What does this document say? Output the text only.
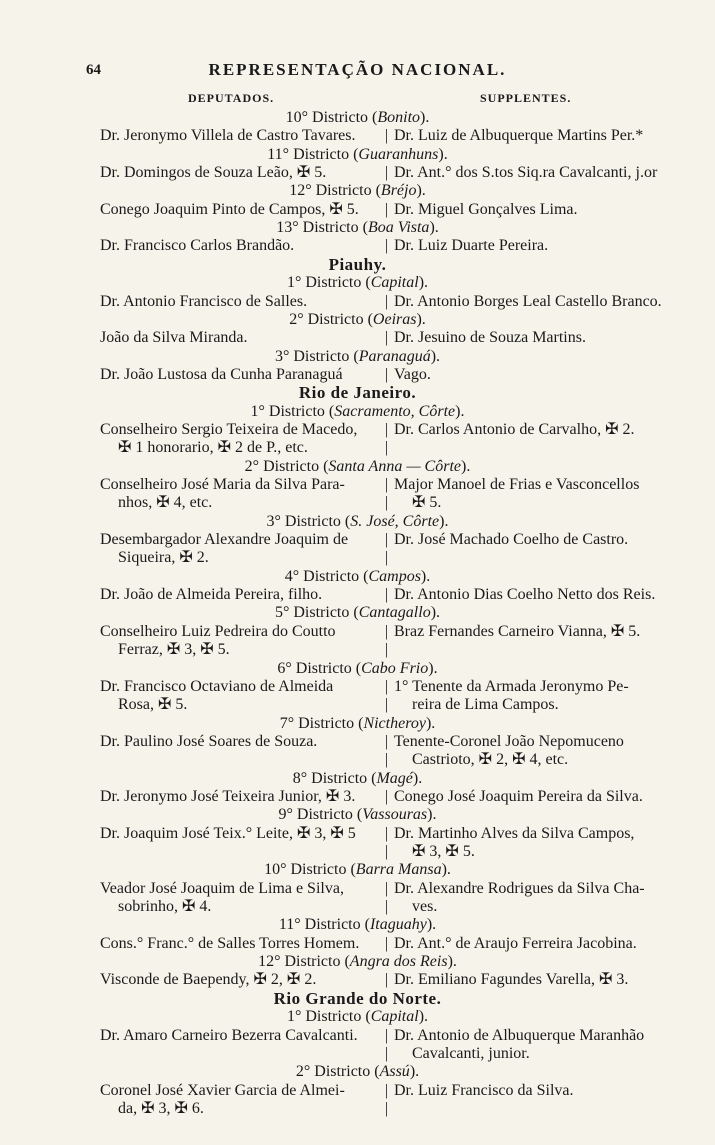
64	REPRESENTAÇÃO NACIONAL.
DEPUTADOS.	SUPPLENTES.
10° Districto (Bonito).
Dr. Jeronymo Villela de Castro Tavares. | Dr. Luiz de Albuquerque Martins Per.*
11° Districto (Guaranhuns).
Dr. Domingos de Souza Leão, ✠ 5.	| Dr. Ant.° dos S.tos Siq.ra Cavalcanti, j.or
12° Districto (Bréjo).
Conego Joaquim Pinto de Campos, ✠ 5. | Dr. Miguel Gonçalves Lima.
13° Districto (Boa Vista).
Dr. Francisco Carlos Brandão.	| Dr. Luiz Duarte Pereira.
Piauhy.
1° Districto (Capital).
Dr. Antonio Francisco de Salles.	| Dr. Antonio Borges Leal Castello Branco.
2° Districto (Oeiras).
João da Silva Miranda.	| Dr. Jesuino de Souza Martins.
3° Districto (Paranaguá).
Dr. João Lustosa da Cunha Paranaguá	| Vago.
Rio de Janeiro.
1° Districto (Sacramento, Côrte).
Conselheiro Sergio Teixeira de Macedo, | Dr. Carlos Antonio de Carvalho, ✠ 2.
✠ 1 honorario, ✠ 2 de P., etc.	|
2° Districto (Santa Anna — Côrte).
Conselheiro José Maria da Silva Para-	| Major Manoel de Frias e Vasconcellos
nhos, ✠ 4, etc.	| ✠ 5.
3° Districto (S. José, Côrte).
Desembargador Alexandre Joaquim de | Dr. José Machado Coelho de Castro.
Siqueira, ✠ 2.	|
4° Districto (Campos).
Dr. João de Almeida Pereira, filho.	| Dr. Antonio Dias Coelho Netto dos Reis.
5° Districto (Cantagallo).
Conselheiro Luiz Pedreira do Coutto	| Braz Fernandes Carneiro Vianna, ✠ 5.
Ferraz, ✠ 3, ✠ 5.	|
6° Districto (Cabo Frio).
Dr. Francisco Octaviano de Almeida	| 1° Tenente da Armada Jeronymo Pe-
Rosa, ✠ 5.	| reira de Lima Campos.
7° Districto (Nictheroy).
Dr. Paulino José Soares de Souza.	| Tenente-Coronel João Nepomuceno
| Castrioto, ✠ 2, ✠ 4, etc.
8° Districto (Magé).
Dr. Jeronymo José Teixeira Junior, ✠ 3. | Conego José Joaquim Pereira da Silva.
9° Districto (Vassouras).
Dr. Joaquim José Teix.° Leite, ✠ 3, ✠ 5 | Dr. Martinho Alves da Silva Campos,
| ✠ 3, ✠ 5.
10° Districto (Barra Mansa).
Veador José Joaquim de Lima e Silva,	| Dr. Alexandre Rodrigues da Silva Cha-
sobrinho, ✠ 4.	| ves.
11° Districto (Itaguahy).
Cons.° Franc.° de Salles Torres Homem. | Dr. Ant.° de Araujo Ferreira Jacobina.
12° Districto (Angra dos Reis).
Visconde de Baependy, ✠ 2, ✠ 2.	| Dr. Emiliano Fagundes Varella, ✠ 3.
Rio Grande do Norte.
1° Districto (Capital).
Dr. Amaro Carneiro Bezerra Cavalcanti. | Dr. Antonio de Albuquerque Maranhão
| Cavalcanti, junior.
2° Districto (Assú).
Coronel José Xavier Garcia de Almei-	| Dr. Luiz Francisco da Silva.
da, ✠ 3, ✠ 6.	|
